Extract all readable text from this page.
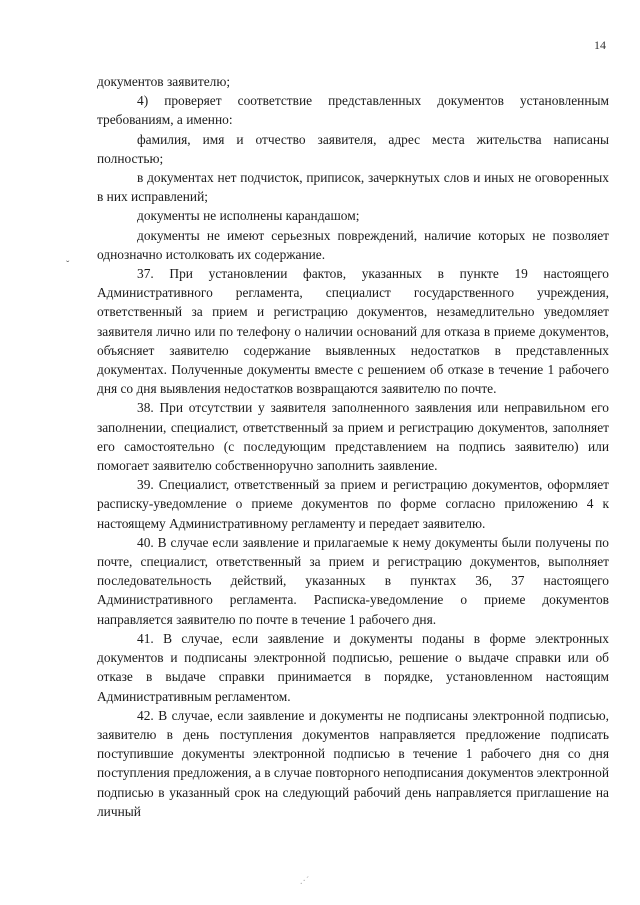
14
ˇ
.·´

документов заявителю;

4) проверяет соответствие представленных документов установленным требованиям, а именно:

фамилия, имя и отчество заявителя, адрес места жительства написаны полностью;

в документах нет подчисток, приписок, зачеркнутых слов и иных не оговоренных в них исправлений;

документы не исполнены карандашом;

документы не имеют серьезных повреждений, наличие которых не позволяет однозначно истолковать их содержание.

37. При установлении фактов, указанных в пункте 19 настоящего Административного регламента, специалист государственного учреждения, ответственный за прием и регистрацию документов, незамедлительно уведомляет заявителя лично или по телефону о наличии оснований для отказа в приеме документов, объясняет заявителю содержание выявленных недостатков в представленных документах. Полученные документы вместе с решением об отказе в течение 1 рабочего дня со дня выявления недостатков возвращаются заявителю по почте.

38. При отсутствии у заявителя заполненного заявления или неправильном его заполнении, специалист, ответственный за прием и регистрацию документов, заполняет его самостоятельно (с последующим представлением на подпись заявителю) или помогает заявителю собственноручно заполнить заявление.

39. Специалист, ответственный за прием и регистрацию документов, оформляет расписку-уведомление о приеме документов по форме согласно приложению 4 к настоящему Административному регламенту и передает заявителю.

40. В случае если заявление и прилагаемые к нему документы были получены по почте, специалист, ответственный за прием и регистрацию документов, выполняет последовательность действий, указанных в пунктах 36, 37 настоящего Административного регламента. Расписка-уведомление о приеме документов направляется заявителю по почте в течение 1 рабочего дня.

41. В случае, если заявление и документы поданы в форме электронных документов и подписаны электронной подписью, решение о выдаче справки или об отказе в выдаче справки принимается в порядке, установленном настоящим Административным регламентом.

42. В случае, если заявление и документы не подписаны электронной подписью, заявителю в день поступления документов направляется предложение подписать поступившие документы электронной подписью в течение 1 рабочего дня со дня поступления предложения, а в случае повторного неподписания документов электронной подписью в указанный срок на следующий рабочий день направляется приглашение на личный
